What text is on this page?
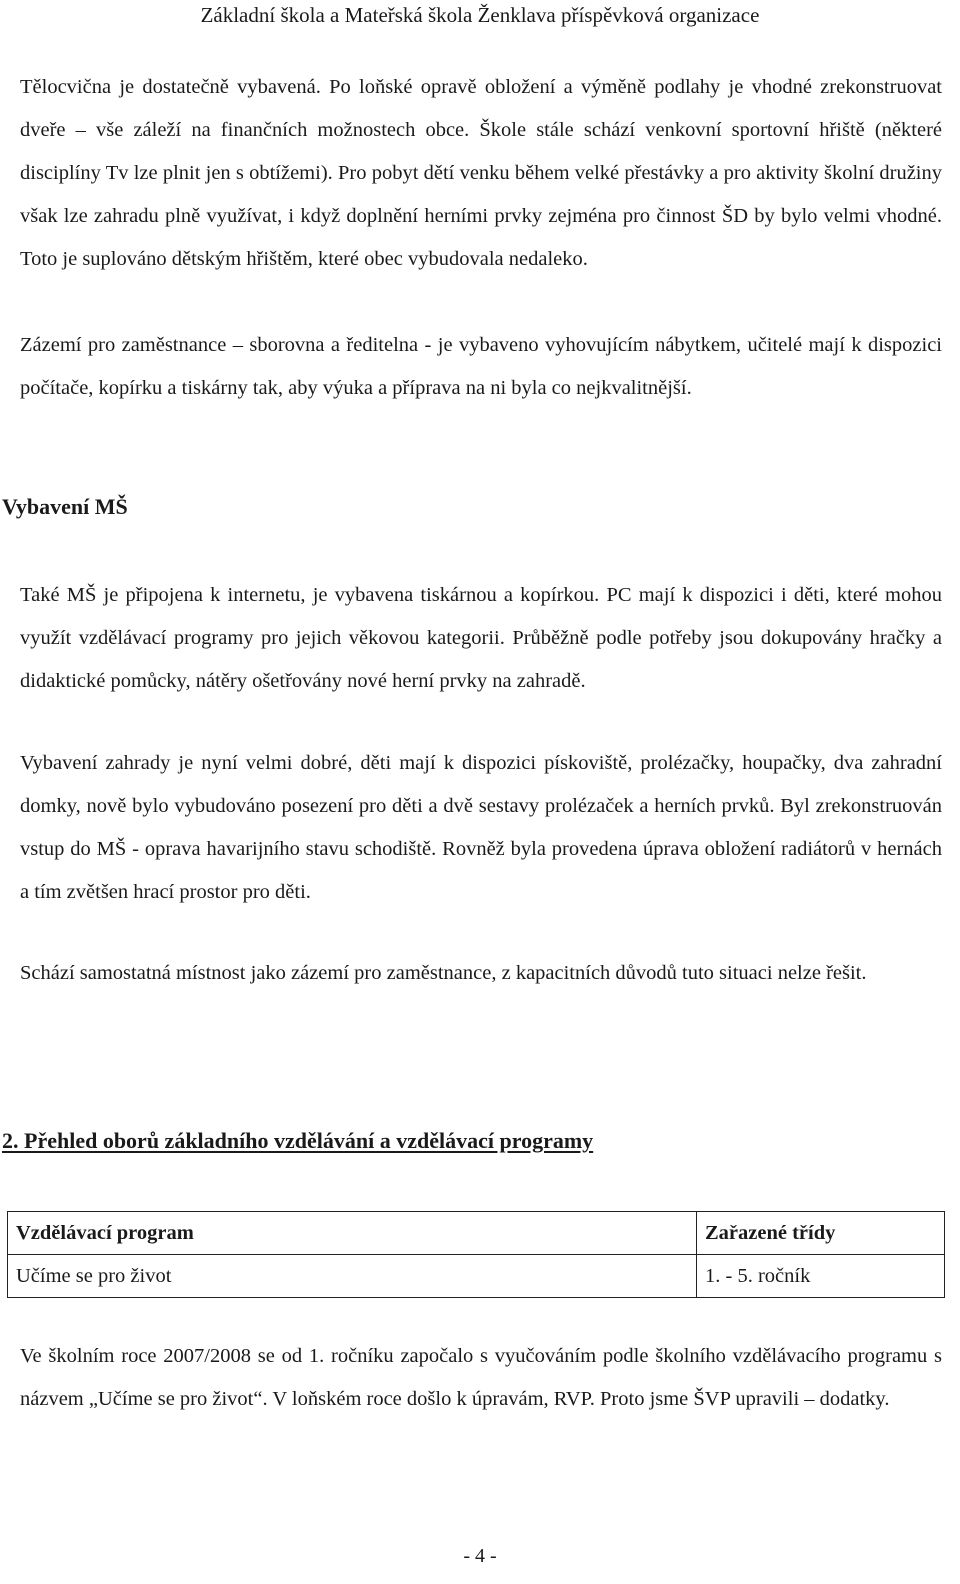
Základní škola a Mateřská škola Ženklava příspěvková organizace

Tělocvična je dostatečně vybavená. Po loňské opravě obložení a výměně podlahy je vhodné zrekonstruovat dveře – vše záleží na finančních možnostech obce. Škole stále schází venkovní sportovní hřiště (některé disciplíny Tv lze plnit jen s obtížemi). Pro pobyt dětí venku během velké přestávky a pro aktivity školní družiny však lze zahradu plně využívat, i když doplnění herními prvky zejména pro činnost ŠD by bylo velmi vhodné. Toto je suplováno dětským hřištěm, které obec vybudovala nedaleko.

Zázemí pro zaměstnance – sborovna a ředitelna - je vybaveno vyhovujícím nábytkem, učitelé mají k dispozici počítače, kopírku a tiskárny tak, aby výuka a příprava na ni byla co nejkvalitnější.

Vybavení MŠ

Také MŠ je připojena k internetu, je vybavena tiskárnou a kopírkou. PC mají k dispozici i děti, které mohou využít vzdělávací programy pro jejich věkovou kategorii. Průběžně podle potřeby jsou dokupovány hračky a didaktické pomůcky, nátěry ošetřovány nové herní prvky na zahradě.

Vybavení zahrady je nyní velmi dobré, děti mají k dispozici pískoviště, prolézačky, houpačky, dva zahradní domky, nově bylo vybudováno posezení pro děti a dvě sestavy prolézaček a herních prvků. Byl zrekonstruován vstup do MŠ - oprava havarijního stavu schodiště. Rovněž byla provedena úprava obložení radiátorů v hernách a tím zvětšen hrací prostor pro děti.

Schází samostatná místnost jako zázemí pro zaměstnance, z kapacitních důvodů tuto situaci nelze řešit.

2. Přehled oborů základního vzdělávání a vzdělávací programy
Vzdělávací program	Zařazené třídy
Učíme se pro život	1. - 5. ročník

Ve školním roce 2007/2008 se od 1. ročníku započalo s vyučováním podle školního vzdělávacího programu s názvem „Učíme se pro život“. V loňském roce došlo k úpravám, RVP. Proto jsme ŠVP upravili – dodatky.

- 4 -
